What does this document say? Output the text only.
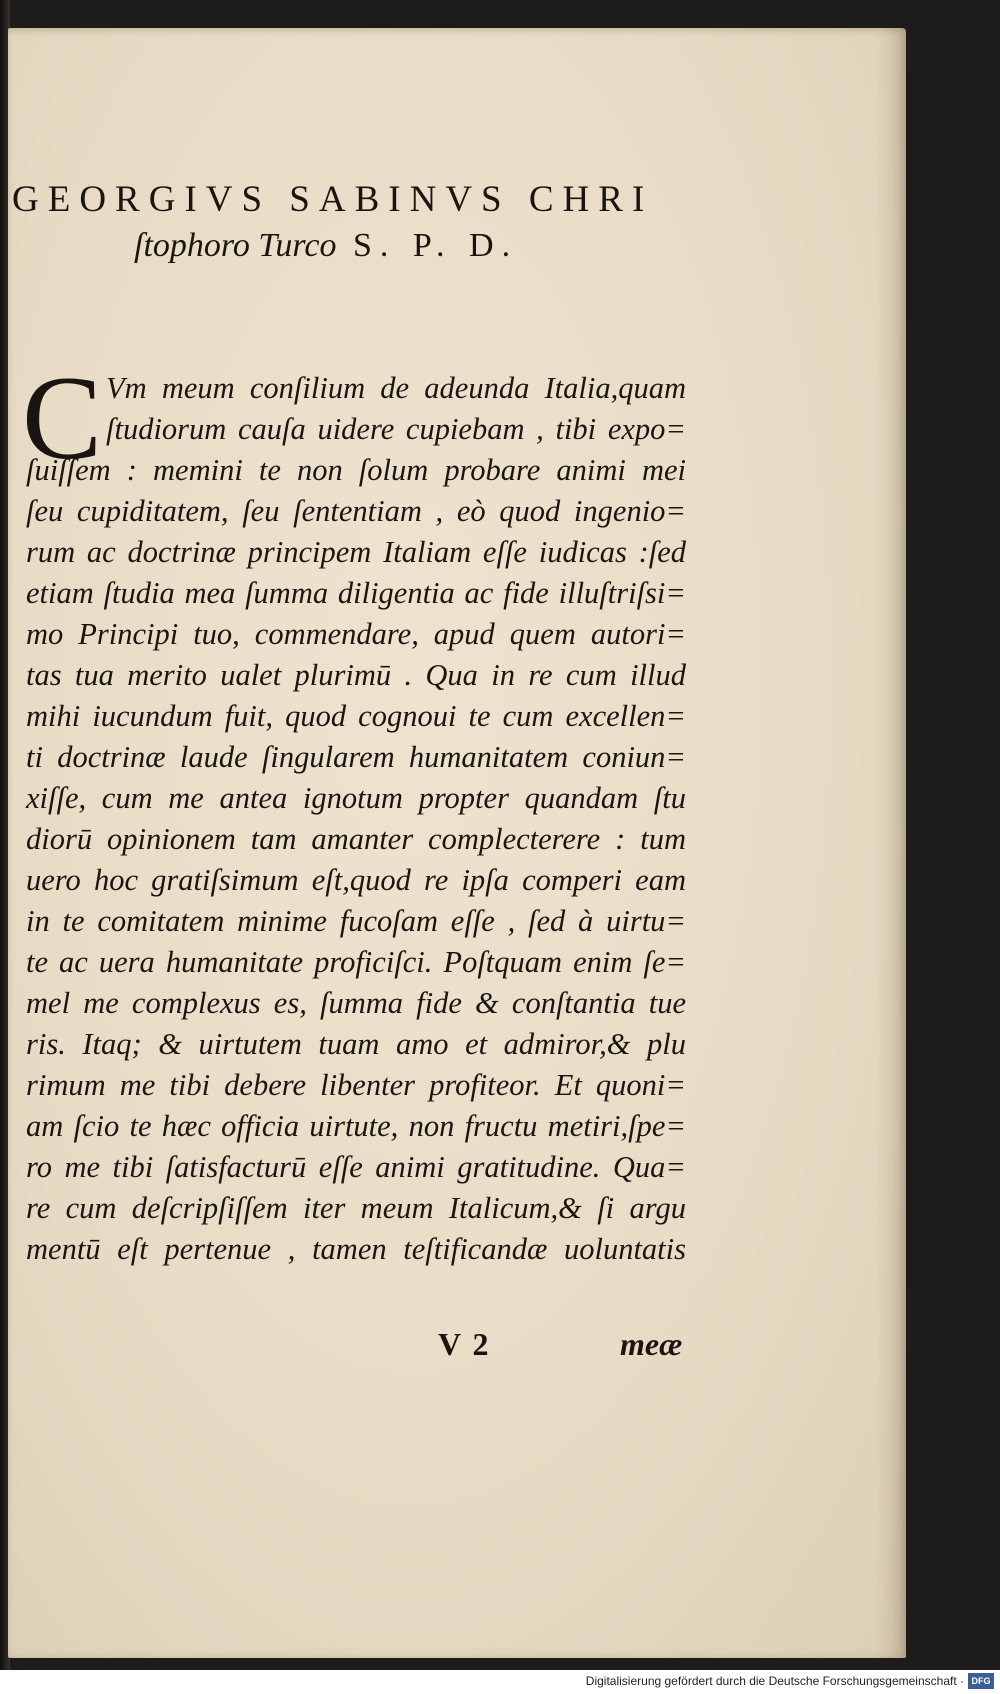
GEORGIVS SABINVS CHRI
ſtophoro Turco S. P. D.
C Vm meum conſilium de adeunda Italia,quam
ſtudiorum cauſa uidere cupiebam , tibi expo=
ſuiſſem : memini te non ſolum probare animi mei
ſeu cupiditatem, ſeu ſententiam , eò quod ingenio=
rum ac doctrinæ principem Italiam eſſe iudicas :ſed
etiam ſtudia mea ſumma diligentia ac fide illuſtriſsi=
mo Principi tuo, commendare, apud quem autori=
tas tua merito ualet plurimū . Qua in re cum illud
mihi iucundum fuit, quod cognoui te cum excellen=
ti doctrinæ laude ſingularem humanitatem coniun=
xiſſe, cum me antea ignotum propter quandam ſtu
diorū opinionem tam amanter complecterere : tum
uero hoc gratiſsimum eſt,quod re ipſa comperi eam
in te comitatem minime fucoſam eſſe , ſed à uirtu=
te ac uera humanitate proficiſci. Poſtquam enim ſe=
mel me complexus es, ſumma fide & conſtantia tue
ris. Itaq; & uirtutem tuam amo et admiror,& plu
rimum me tibi debere libenter profiteor. Et quoni=
am ſcio te hæc officia uirtute, non fructu metiri,ſpe=
ro me tibi ſatisfacturū eſſe animi gratitudine. Qua=
re cum deſcripſiſſem iter meum Italicum,& ſi argu
mentū eſt pertenue , tamen teſtificandæ uoluntatis
V 2	meæ
Digitalisierung gefördert durch die Deutsche Forschungsgemeinschaft · DFG
